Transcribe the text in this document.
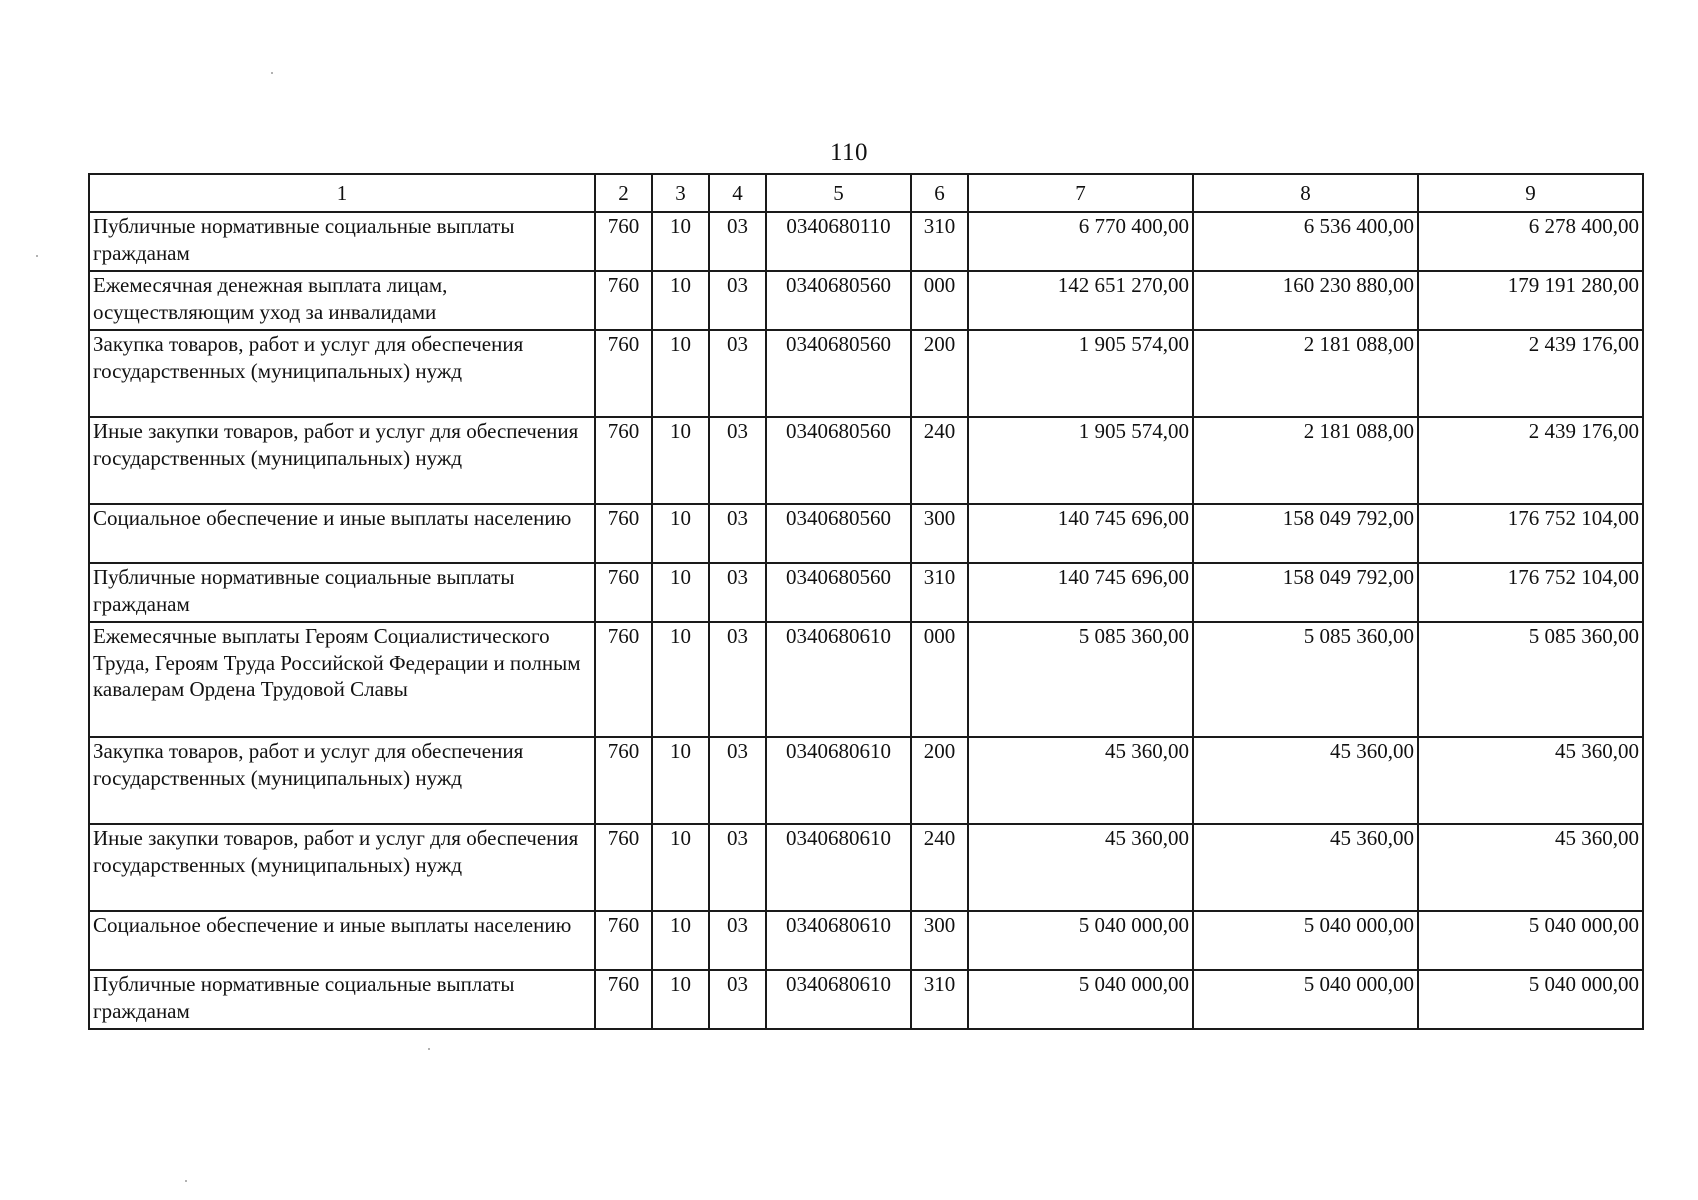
110
1	2	3	4	5	6	7	8	9
Публичные нормативные социальные выплаты гражданам	760	10	03	0340680110	310	6 770 400,00	6 536 400,00	6 278 400,00
Ежемесячная денежная выплата лицам, осуществляющим уход за инвалидами	760	10	03	0340680560	000	142 651 270,00	160 230 880,00	179 191 280,00
Закупка товаров, работ и услуг для обеспечения государственных (муниципальных) нужд	760	10	03	0340680560	200	1 905 574,00	2 181 088,00	2 439 176,00
Иные закупки товаров, работ и услуг для обеспечения государственных (муниципальных) нужд	760	10	03	0340680560	240	1 905 574,00	2 181 088,00	2 439 176,00
Социальное обеспечение и иные выплаты населению	760	10	03	0340680560	300	140 745 696,00	158 049 792,00	176 752 104,00
Публичные нормативные социальные выплаты гражданам	760	10	03	0340680560	310	140 745 696,00	158 049 792,00	176 752 104,00
Ежемесячные выплаты Героям Социалистического Труда, Героям Труда Российской Федерации и полным кавалерам Ордена Трудовой Славы	760	10	03	0340680610	000	5 085 360,00	5 085 360,00	5 085 360,00
Закупка товаров, работ и услуг для обеспечения государственных (муниципальных) нужд	760	10	03	0340680610	200	45 360,00	45 360,00	45 360,00
Иные закупки товаров, работ и услуг для обеспечения государственных (муниципальных) нужд	760	10	03	0340680610	240	45 360,00	45 360,00	45 360,00
Социальное обеспечение и иные выплаты населению	760	10	03	0340680610	300	5 040 000,00	5 040 000,00	5 040 000,00
Публичные нормативные социальные выплаты гражданам	760	10	03	0340680610	310	5 040 000,00	5 040 000,00	5 040 000,00
